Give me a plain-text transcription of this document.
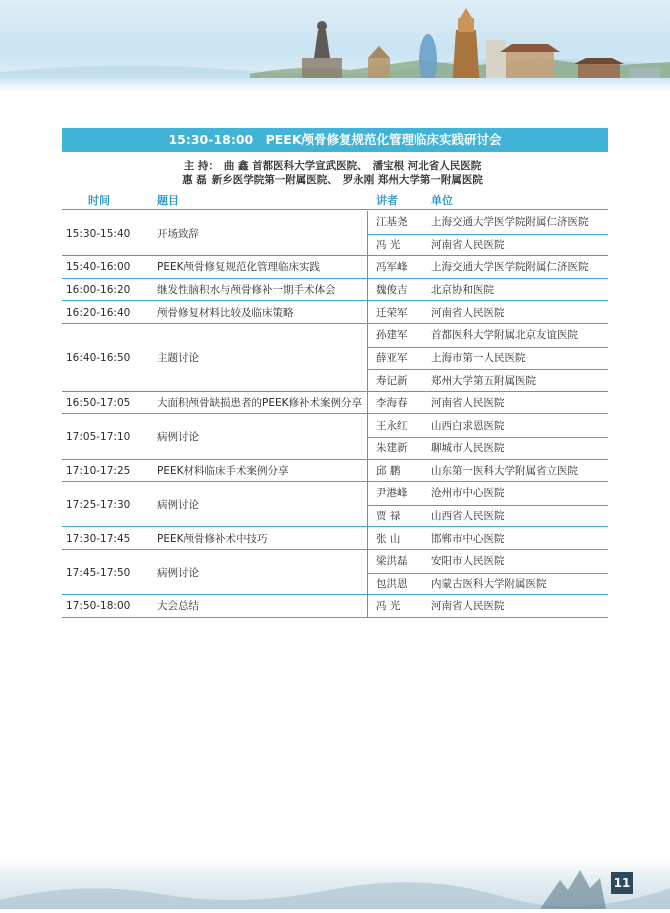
15:30-18:00 PEEK颅骨修复规范化管理临床实践研讨会
主 持： 曲 鑫 首都医科大学宣武医院、 潘宝根 河北省人民医院
惠 磊 新乡医学院第一附属医院、 罗永刚 郑州大学第一附属医院
时间	题目	讲者	单位
15:30-15:40	开场致辞
江基尧 上海交通大学医学院附属仁济医院
冯 光	河南省人民医院
15:40-16:00	PEEK颅骨修复规范化管理临床实践	冯军峰 上海交通大学医学院附属仁济医院
16:00-16:20	继发性脑积水与颅骨修补一期手术体会	魏俊吉 北京协和医院
16:20-16:40	颅骨修复材料比较及临床策略	迁荣军 河南省人民医院
16:40-16:50	主题讨论
孙建军 首都医科大学附属北京友谊医院
薛亚军 上海市第一人民医院
寿记新 郑州大学第五附属医院
16:50-17:05	大面积颅骨缺损患者的PEEK修补术案例分享 李海春 河南省人民医院
17:05-17:10	病例讨论
王永红 山西白求恩医院
朱建新 聊城市人民医院
17:10-17:25	PEEK材料临床手术案例分享	邱 鹏	山东第一医科大学附属省立医院
17:25-17:30	病例讨论
尹港峰 沧州市中心医院
贾 禄	山西省人民医院
17:30-17:45	PEEK颅骨修补术中技巧	张 山	邯郸市中心医院
17:45-17:50	病例讨论
梁洪磊 安阳市人民医院
包洪恩 内蒙古医科大学附属医院
17:50-18:00	大会总结	冯 光	河南省人民医院
11
